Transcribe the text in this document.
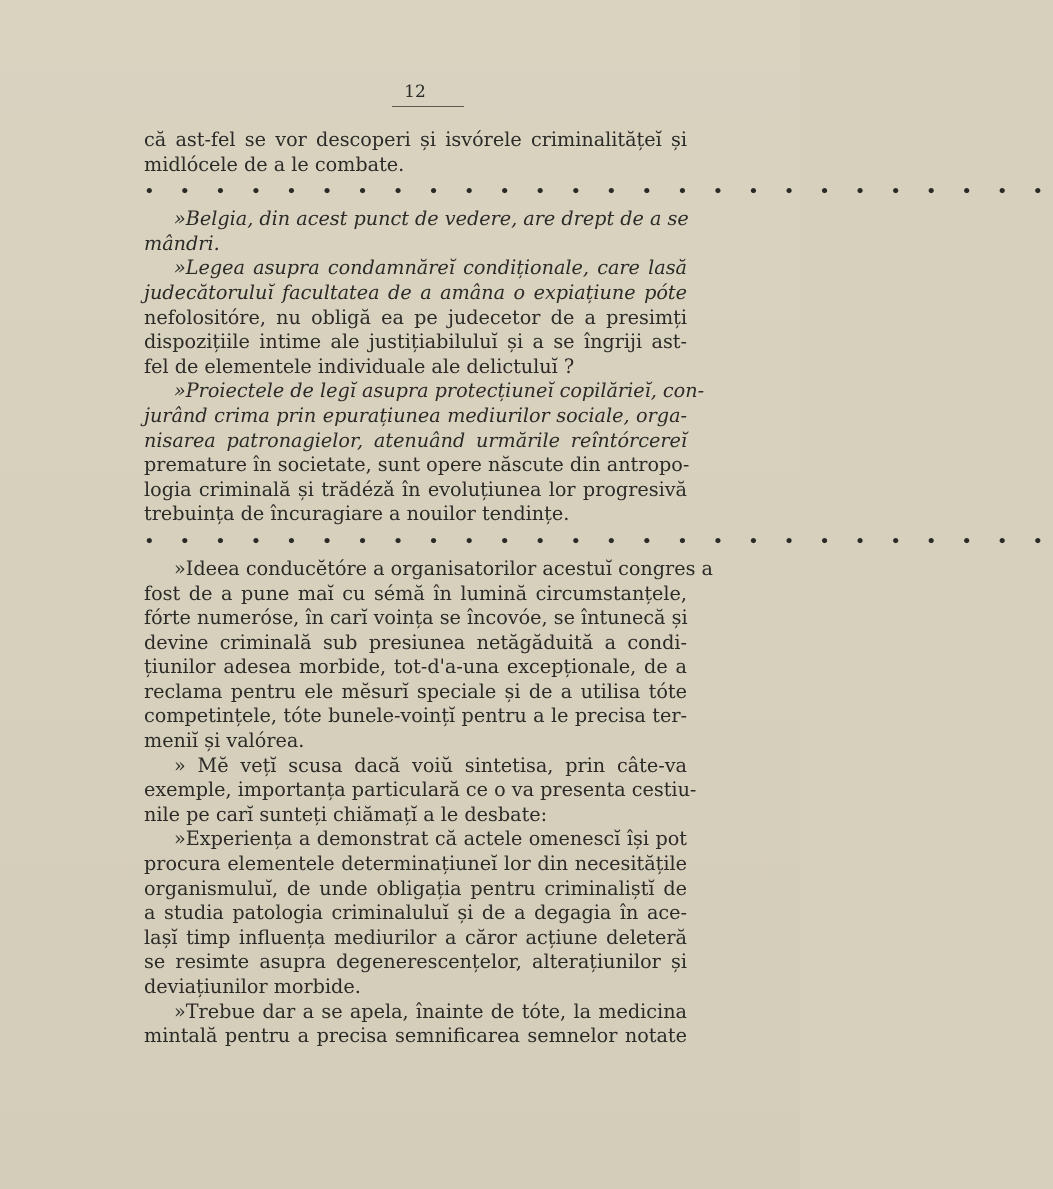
12
că ast-fel se vor descoperi și isvórele criminalitățeĭ și
midlócele de a le combate.
• • • • • • • • • • • • • • • • • • • • • • • • • •
»Belgia, din acest punct de vedere, are drept de a se
mândri.
»Legea asupra condamnăreĭ condiționale, care lasă
judecătoruluĭ facultatea de a amâna o expiațiune póte
nefolositóre, nu obligă ea pe judecetor de a presimți
dispozițiile intime ale justițiabiluluĭ și a se îngriji ast-
fel de elementele individuale ale delictuluĭ ?
»Proiectele de legĭ asupra protecțiuneĭ copilărieĭ, con-
jurând crima prin epurațiunea mediurilor sociale, orga-
nisarea patronagielor, atenuând urmările reîntórcereĭ
premature în societate, sunt opere născute din antropo-
logia criminală și trădézǎ în evoluțiunea lor progresivă
trebuința de încuragiare a nouilor tendințe.
• • • • • • • • • • • • • • • • • • • • • • • • • •
»Ideea conducĕtóre a organisatorilor acestuĭ congres a
fost de a pune maĭ cu sémă în lumină circumstanțele,
fórte numeróse, în carĭ voința se încovóe, se întunecă și
devine criminală sub presiunea netăgăduită a condi-
țiunilor adesea morbide, tot-d'a-una excepționale, de a
reclama pentru ele mĕsurĭ speciale și de a utilisa tóte
competințele, tóte bunele-voințĭ pentru a le precisa ter-
meniĭ și valórea.
» Mĕ vețĭ scusa dacă voiŭ sintetisa, prin câte-va
exemple, importanța particulară ce o va presenta cestiu-
nile pe carĭ sunteți chiămațĭ a le desbate:
»Experiența a demonstrat că actele omenescĭ își pot
procura elementele determinațiuneĭ lor din necesitățile
organismuluĭ, de unde obligația pentru criminaliștĭ de
a studia patologia criminaluluĭ și de a degagia în ace-
lașĭ timp influența mediurilor a căror acțiune deleteră
se resimte asupra degenerescențelor, alterațiunilor și
deviațiunilor morbide.
»Trebue dar a se apela, înainte de tóte, la medicina
mintală pentru a precisa semnificarea semnelor notate
